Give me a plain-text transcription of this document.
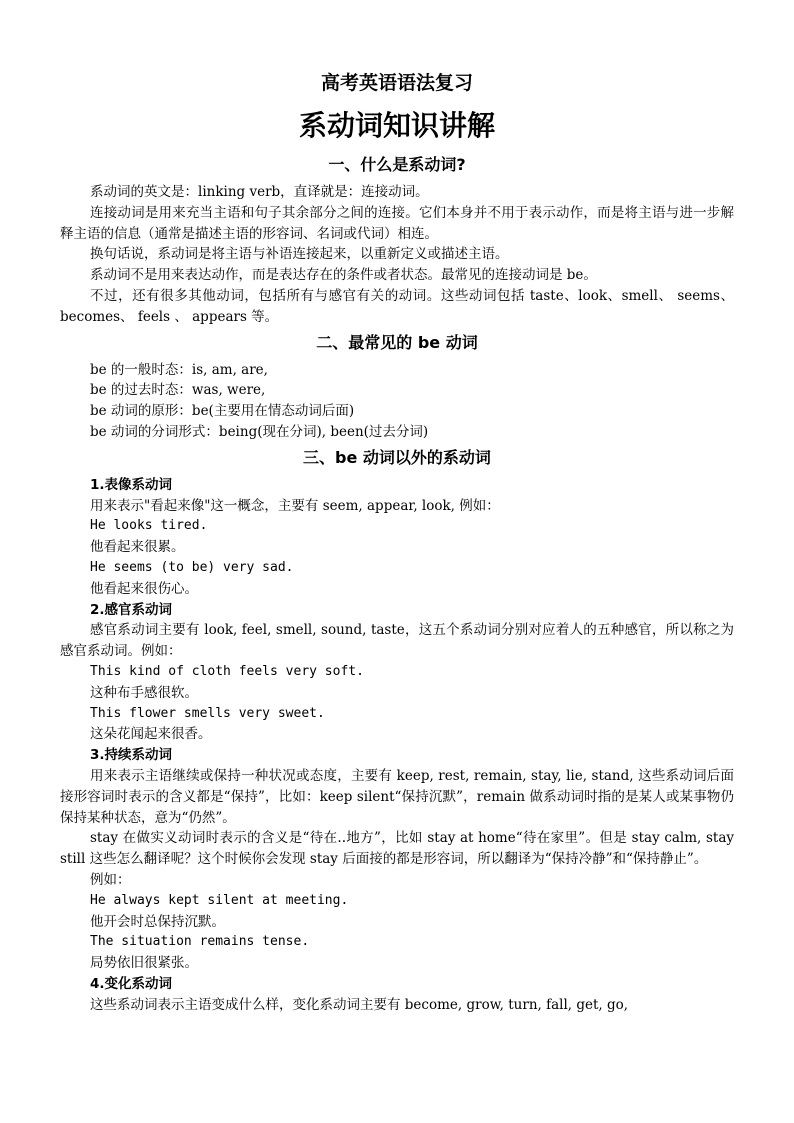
高考英语语法复习
系动词知识讲解
一、什么是系动词?

系动词的英文是：linking verb，直译就是：连接动词。

连接动词是用来充当主语和句子其余部分之间的连接。它们本身并不用于表示动作，而是将主语与进一步解释主语的信息（通常是描述主语的形容词、名词或代词）相连。

换句话说，系动词是将主语与补语连接起来，以重新定义或描述主语。

系动词不是用来表达动作，而是表达存在的条件或者状态。最常见的连接动词是 be。

不过，还有很多其他动词，包括所有与感官有关的动词。这些动词包括 taste、look、smell、 seems、 becomes、 feels 、 appears 等。

二、最常见的 be 动词

be 的一般时态：is, am, are,

be 的过去时态：was, were,

be 动词的原形：be(主要用在情态动词后面)

be 动词的分词形式：being(现在分词), been(过去分词)

三、be 动词以外的系动词

1.表像系动词

用来表示"看起来像"这一概念，主要有 seem, appear, look, 例如：

He looks tired.

他看起来很累。

He seems (to be) very sad.

他看起来很伤心。

2.感官系动词

感官系动词主要有 look, feel, smell, sound, taste，这五个系动词分别对应着人的五种感官，所以称之为感官系动词。例如：

This kind of cloth feels very soft.

这种布手感很软。

This flower smells very sweet.

这朵花闻起来很香。

3.持续系动词

用来表示主语继续或保持一种状况或态度，主要有 keep, rest, remain, stay, lie, stand, 这些系动词后面接形容词时表示的含义都是“保持”，比如：keep silent“保持沉默”，remain 做系动词时指的是某人或某事物仍保持某种状态，意为“仍然”。

stay 在做实义动词时表示的含义是“待在..地方”，比如 stay at home“待在家里”。但是 stay calm, stay still 这些怎么翻译呢？这个时候你会发现 stay 后面接的都是形容词，所以翻译为“保持冷静”和“保持静止”。

例如：

He always kept silent at meeting.

他开会时总保持沉默。

The situation remains tense.

局势依旧很紧张。

4.变化系动词

这些系动词表示主语变成什么样，变化系动词主要有 become, grow, turn, fall, get, go,
